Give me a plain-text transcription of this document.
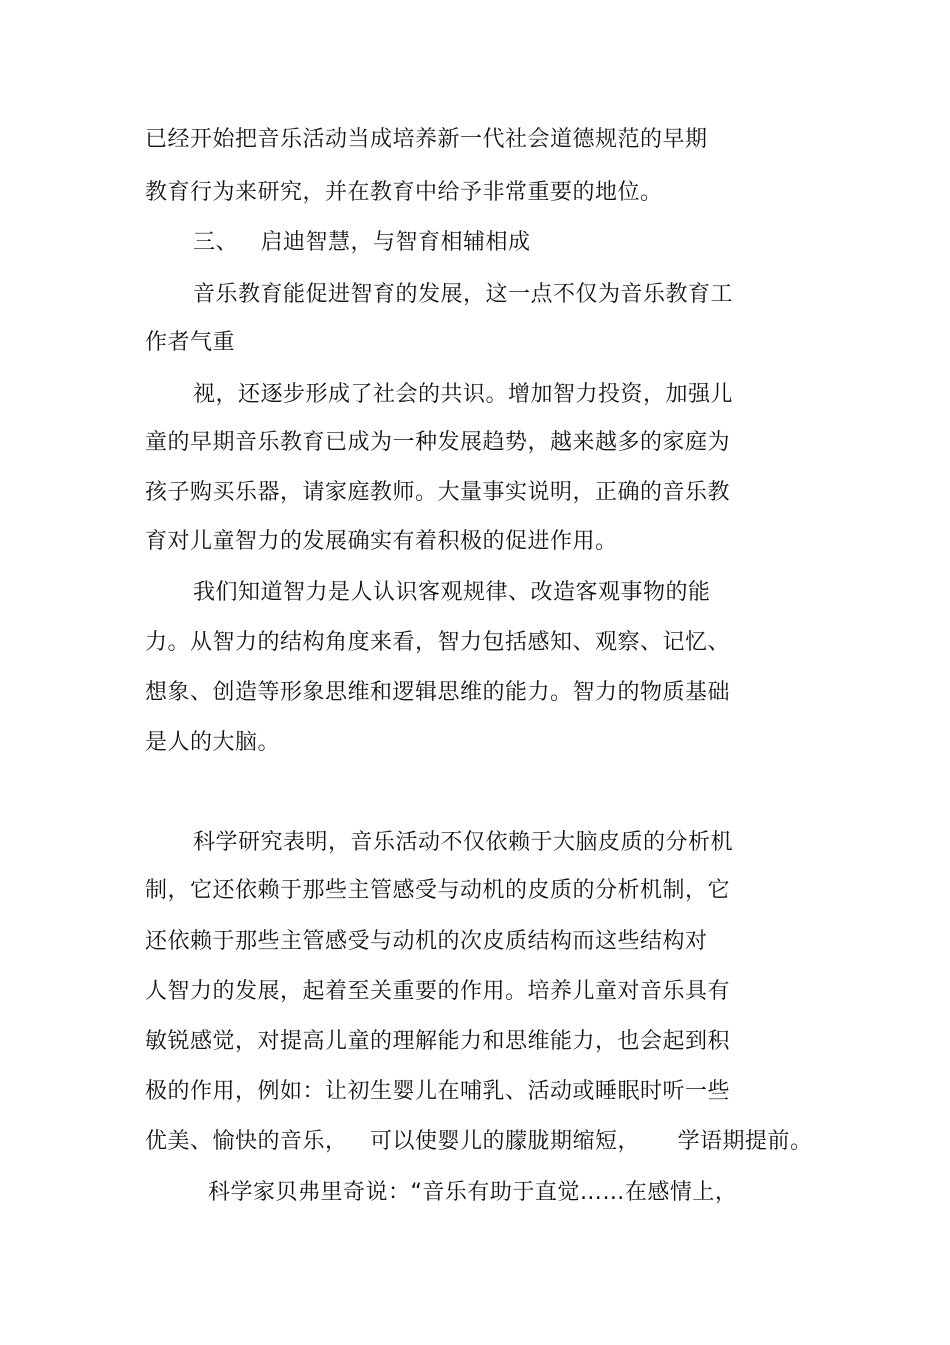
已经开始把音乐活动当成培养新一代社会道德规范的早期
教育行为来研究，并在教育中给予非常重要的地位。
三、   启迪智慧，与智育相辅相成
音乐教育能促进智育的发展，这一点不仅为音乐教育工
作者气重
视，还逐步形成了社会的共识。增加智力投资，加强儿
童的早期音乐教育已成为一种发展趋势，越来越多的家庭为
孩子购买乐器，请家庭教师。大量事实说明，正确的音乐教
育对儿童智力的发展确实有着积极的促进作用。
我们知道智力是人认识客观规律、改造客观事物的能
力。从智力的结构角度来看，智力包括感知、观察、记忆、
想象、创造等形象思维和逻辑思维的能力。智力的物质基础
是人的大脑。
科学研究表明，音乐活动不仅依赖于大脑皮质的分析机
制，它还依赖于那些主管感受与动机的皮质的分析机制，它
还依赖于那些主管感受与动机的次皮质结构而这些结构对
人智力的发展，起着至关重要的作用。培养儿童对音乐具有
敏锐感觉，对提高儿童的理解能力和思维能力，也会起到积
极的作用，例如：让初生婴儿在哺乳、活动或睡眠时听一些
优美、愉快的音乐，   可以使婴儿的朦胧期缩短，     学语期提前。
科学家贝弗里奇说：“音乐有助于直觉……在感情上，
